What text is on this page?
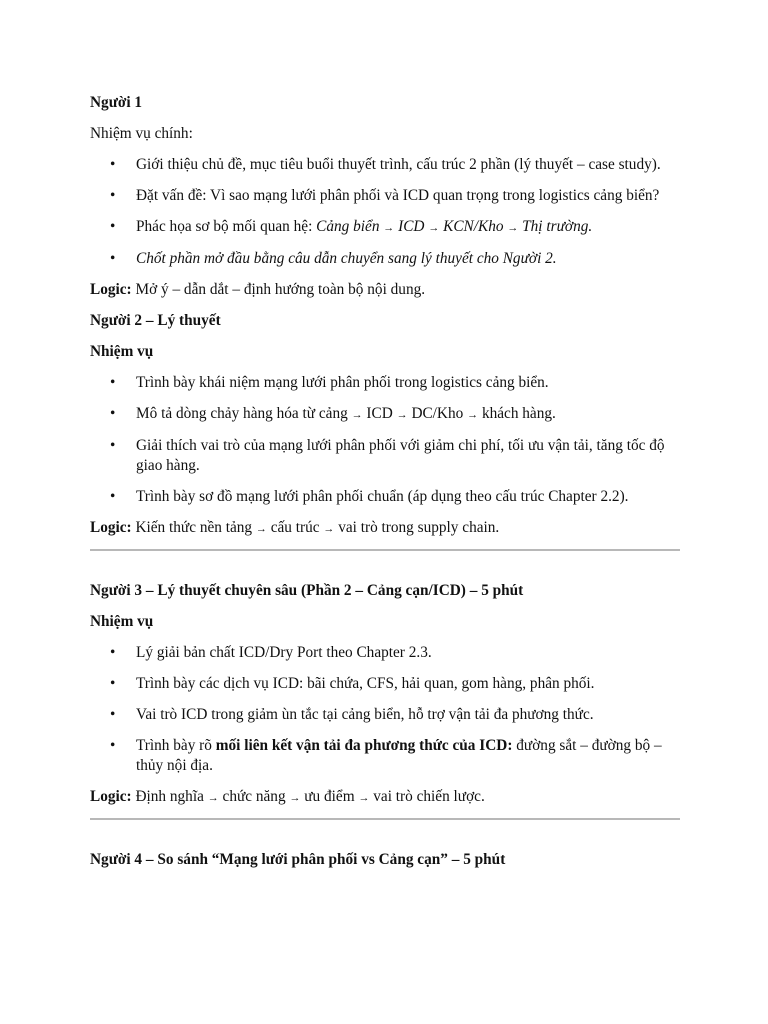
Người 1

Nhiệm vụ chính:

• Giới thiệu chủ đề, mục tiêu buổi thuyết trình, cấu trúc 2 phần (lý thuyết – case study).
• Đặt vấn đề: Vì sao mạng lưới phân phối và ICD quan trọng trong logistics cảng biển?
• Phác họa sơ bộ mối quan hệ: Cảng biển → ICD → KCN/Kho → Thị trường.
• Chốt phần mở đầu bằng câu dẫn chuyển sang lý thuyết cho Người 2.

Logic: Mở ý – dẫn dắt – định hướng toàn bộ nội dung.

Người 2 – Lý thuyết

Nhiệm vụ

• Trình bày khái niệm mạng lưới phân phối trong logistics cảng biển.
• Mô tả dòng chảy hàng hóa từ cảng → ICD → DC/Kho → khách hàng.
• Giải thích vai trò của mạng lưới phân phối với giảm chi phí, tối ưu vận tải, tăng tốc độ giao hàng.
• Trình bày sơ đồ mạng lưới phân phối chuẩn (áp dụng theo cấu trúc Chapter 2.2).

Logic: Kiến thức nền tảng → cấu trúc → vai trò trong supply chain.

Người 3 – Lý thuyết chuyên sâu (Phần 2 – Cảng cạn/ICD) – 5 phút

Nhiệm vụ

• Lý giải bản chất ICD/Dry Port theo Chapter 2.3.
• Trình bày các dịch vụ ICD: bãi chứa, CFS, hải quan, gom hàng, phân phối.
• Vai trò ICD trong giảm ùn tắc tại cảng biển, hỗ trợ vận tải đa phương thức.
• Trình bày rõ mối liên kết vận tải đa phương thức của ICD: đường sắt – đường bộ – thủy nội địa.

Logic: Định nghĩa → chức năng → ưu điểm → vai trò chiến lược.

Người 4 – So sánh “Mạng lưới phân phối vs Cảng cạn” – 5 phút
